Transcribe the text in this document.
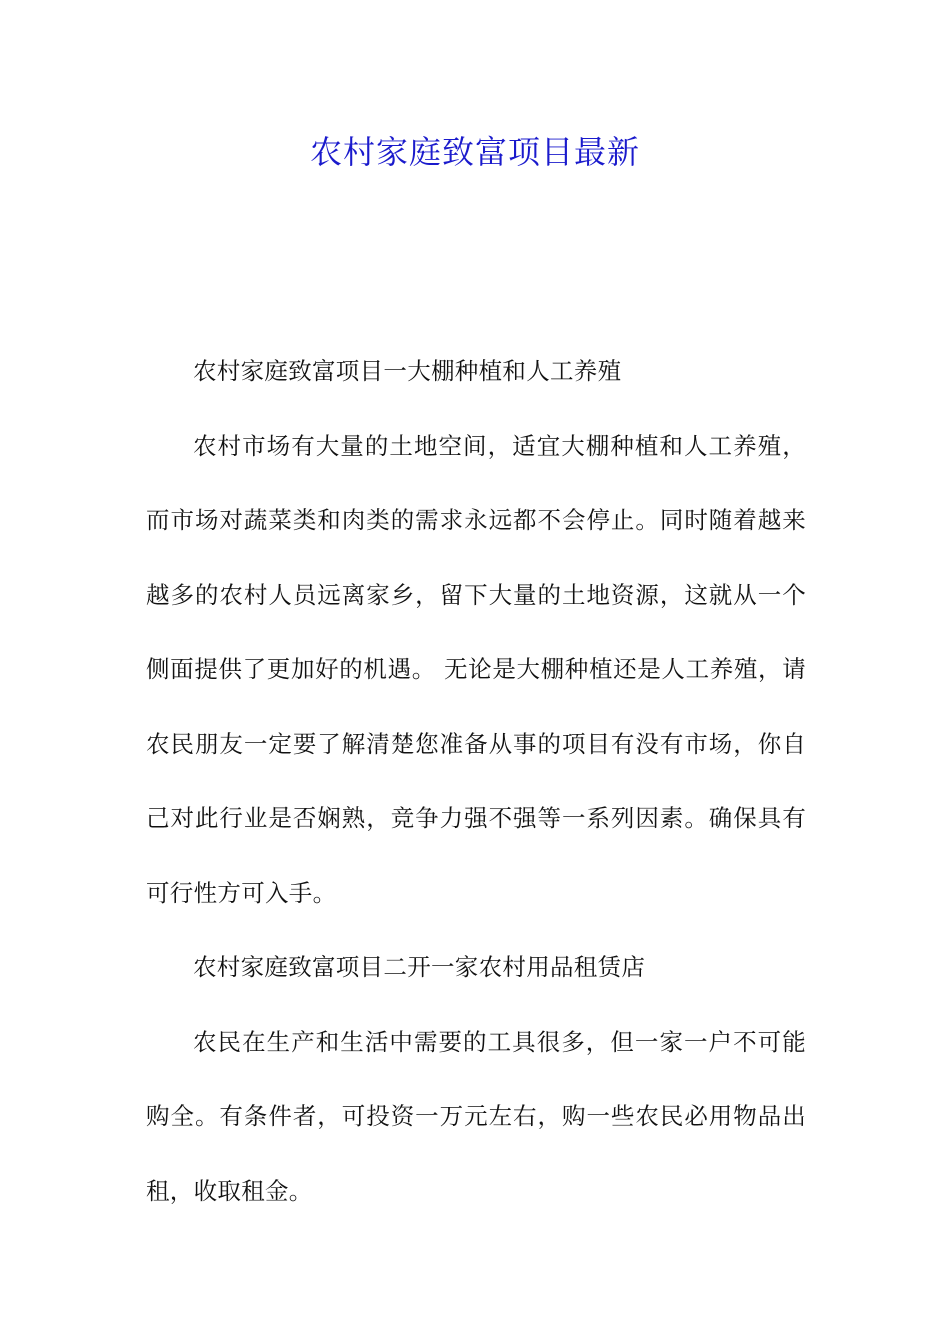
农村家庭致富项目最新

农村家庭致富项目一大棚种植和人工养殖

农村市场有大量的土地空间，适宜大棚种植和人工养殖，而市场对蔬菜类和肉类的需求永远都不会停止。同时随着越来越多的农村人员远离家乡，留下大量的土地资源，这就从一个侧面提供了更加好的机遇。 无论是大棚种植还是人工养殖，请农民朋友一定要了解清楚您准备从事的项目有没有市场，你自己对此行业是否娴熟，竞争力强不强等一系列因素。确保具有可行性方可入手。

农村家庭致富项目二开一家农村用品租赁店

农民在生产和生活中需要的工具很多，但一家一户不可能购全。有条件者，可投资一万元左右，购一些农民必用物品出租，收取租金。
